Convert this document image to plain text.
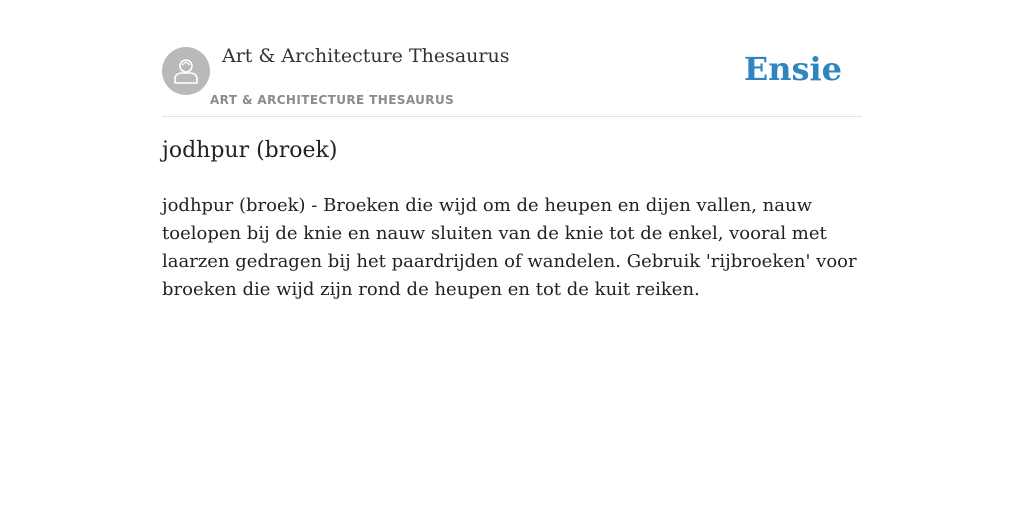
Art & Architecture Thesaurus
ART & ARCHITECTURE THESAURUS
Ensie
jodhpur (broek)

jodhpur (broek) - Broeken die wijd om de heupen en dijen vallen, nauw toelopen bij de knie en nauw sluiten van de knie tot de enkel, vooral met laarzen gedragen bij het paardrijden of wandelen. Gebruik 'rijbroeken' voor broeken die wijd zijn rond de heupen en tot de kuit reiken.
